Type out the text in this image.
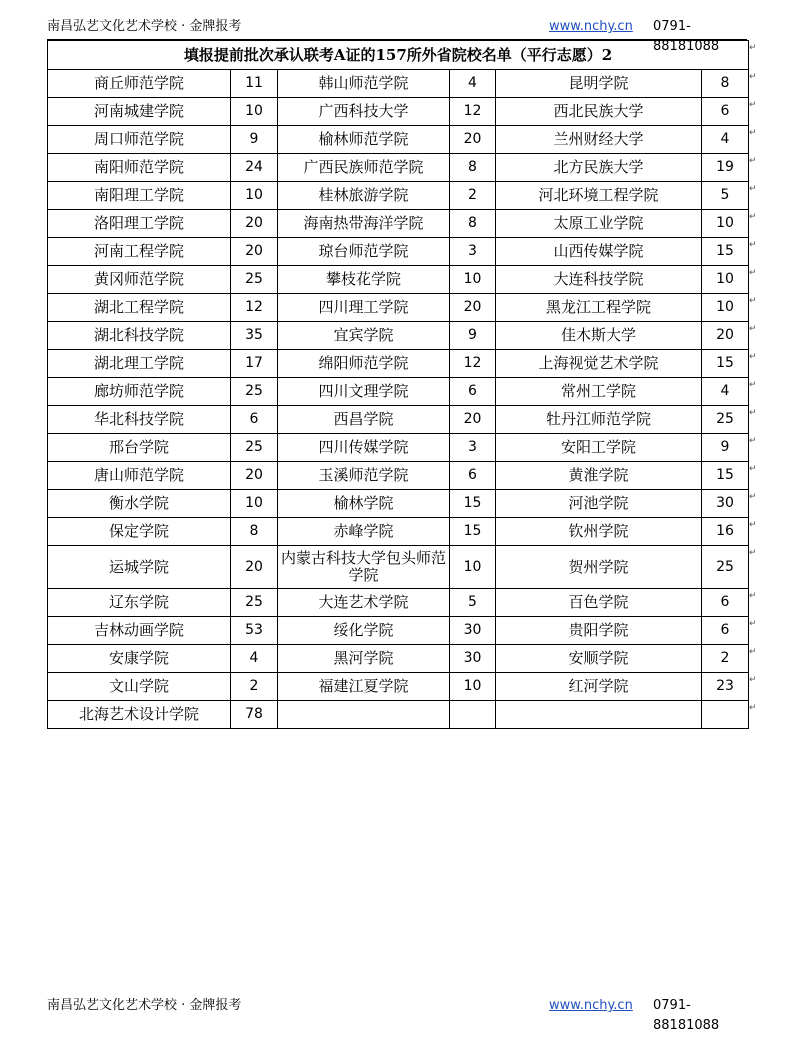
南昌弘艺文化艺术学校 · 金牌报考	www.nchy.cn 0791-88181088
填报提前批次承认联考A证的157所外省院校名单（平行志愿）2					
商丘师范学院	11	韩山师范学院	4	昆明学院	8
河南城建学院	10	广西科技大学	12	西北民族大学	6
周口师范学院	9	榆林师范学院	20	兰州财经大学	4
南阳师范学院	24	广西民族师范学院	8	北方民族大学	19
南阳理工学院	10	桂林旅游学院	2	河北环境工程学院	5
洛阳理工学院	20	海南热带海洋学院	8	太原工业学院	10
河南工程学院	20	琼台师范学院	3	山西传媒学院	15
黄冈师范学院	25	攀枝花学院	10	大连科技学院	10
湖北工程学院	12	四川理工学院	20	黑龙江工程学院	10
湖北科技学院	35	宜宾学院	9	佳木斯大学	20
湖北理工学院	17	绵阳师范学院	12	上海视觉艺术学院	15
廊坊师范学院	25	四川文理学院	6	常州工学院	4
华北科技学院	6	西昌学院	20	牡丹江师范学院	25
邢台学院	25	四川传媒学院	3	安阳工学院	9
唐山师范学院	20	玉溪师范学院	6	黄淮学院	15
衡水学院	10	榆林学院	15	河池学院	30
保定学院	8	赤峰学院	15	钦州学院	16
运城学院	20	内蒙古科技大学包头师范学院	10	贺州学院	25
辽东学院	25	大连艺术学院	5	百色学院	6
吉林动画学院	53	绥化学院	30	贵阳学院	6
安康学院	4	黑河学院	30	安顺学院	2
文山学院	2	福建江夏学院	10	红河学院	23
北海艺术设计学院	78				
↵
↵
↵
↵
↵
↵
↵
↵
↵
↵
↵
↵
↵
↵
↵
↵
↵
↵
↵
↵
↵
↵
↵
↵
南昌弘艺文化艺术学校 · 金牌报考	www.nchy.cn 0791-88181088
